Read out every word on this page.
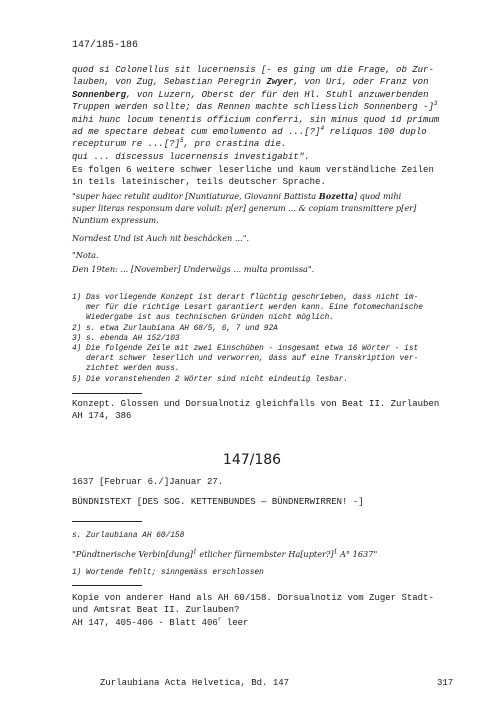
147/185-186
quod si Colonellus sit lucernensis [- es ging um die Frage, ob Zur-
lauben, von Zug, Sebastian Peregrin Zwyer, von Uri, oder Franz von
Sonnenberg, von Luzern, Oberst der für den Hl. Stuhl anzuwerbenden
Truppen werden sollte; das Rennen machte schliesslich Sonnenberg -]$^3$
mihi hunc locum tenentis officium conferri, sin minus quod id primum
ad me spectare debeat cum emolumento ad ...[?]$^4$ reliquos 100 duplo
recepturum re ...[?]$^5$, pro crastina die.
qui ... discessus lucernensis investigabit".
Es folgen 6 weitere schwer leserliche und kaum verständliche Zeilen
in teils lateinischer, teils deutscher Sprache.
"super haec retulit auditor [Nuntiaturae, Giovanni Battista Bozetta] quod mihi
super literas responsum dare voluit: p[er] generum ... & copiam transmittere p[er]
Nuntium expressum.
Norndest Und ist Auch nit beschäcken ...".
"Nota.
Den 19ten: ... [November] Underwägs ... multa promissa".
1) Das vorliegende Konzept ist derart flüchtig geschrieben, dass nicht im-
mer für die richtige Lesart garantiert werden kann. Eine fotomechanische
Wiedergabe ist aus technischen Gründen nicht möglich.
2) s. etwa Zurlaubiana AH 68/5, 6, 7 und 92A
3) s. ebenda AH 152/103
4) Die folgende Zeile mit zwei Einschüben - insgesamt etwa 16 Wörter - ist
derart schwer leserlich und verworren, dass auf eine Transkription ver-
zichtet werden muss.
5) Die voranstehenden 2 Wörter sind nicht eindeutig lesbar.
Konzept. Glossen und Dorsualnotiz gleichfalls von Beat II. Zurlauben
AH 174, 386
147/186
1637 [Februar 6./]Januar 27.
BÜNDNISTEXT [DES SOG. KETTENBUNDES — BÜNDNERWIRREN! -]
s. Zurlaubiana AH 60/158
"Pündtnerische Verbin[dung]$^1$ etlicher fürnembster Ha[upter?]$^1$ A° 1637"
1) Wortende fehlt; sinngemäss erschlossen
Kopie von anderer Hand als AH 60/158. Dorsualnotiz vom Zuger Stadt-
und Amtsrat Beat II. Zurlauben?
AH 147, 405-406 - Blatt 406$^r$ leer
Zurlaubiana Acta Helvetica, Bd. 147	317
